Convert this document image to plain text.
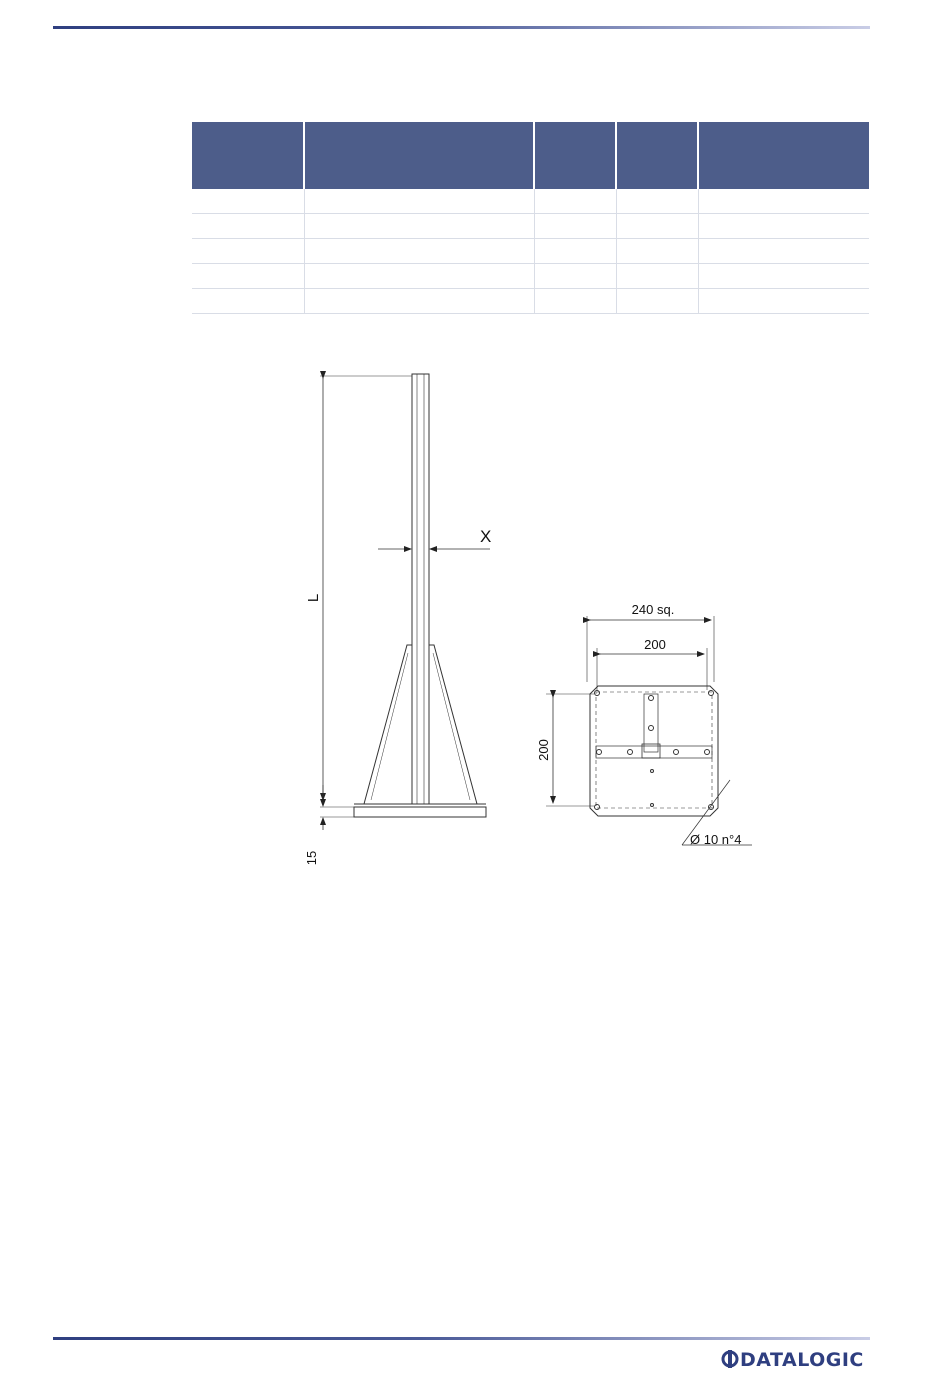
L
X
15
240 sq.
200
200
Ø 10 n°4
DATALOGIC
